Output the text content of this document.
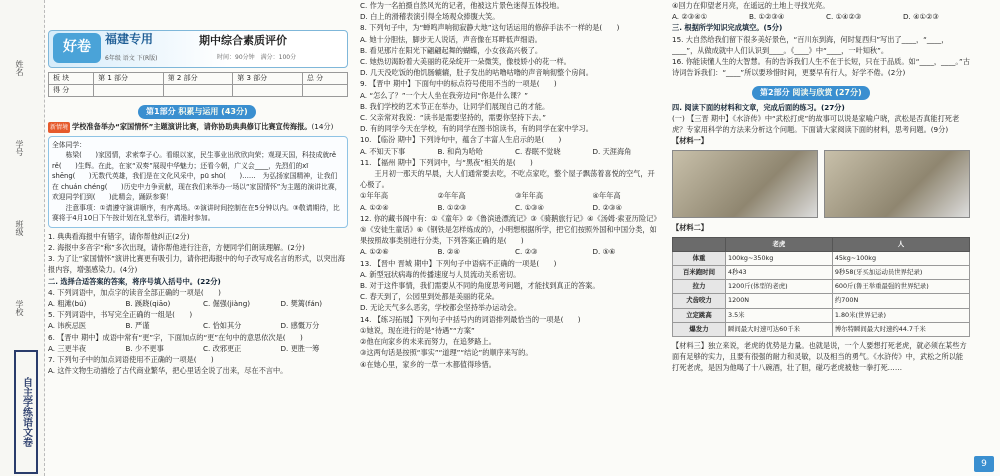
姓名
学号
班级
学校
自主学练语文卷
好卷
福建专用
6年级 语文 下(R版)
期中综合素质评价
时间：90分钟　满分：100分
板 块	第 1 部分	第 2 部分	第 3 部分	总 分
得 分				
第1部分 积累与运用 (43分)

新情境 学校准备举办“家国情怀”主题演讲比赛，请你协助典典修订比赛宣传海报。(14分)

全体同学：
　　栋梁(　　)家园情，求索奉子心。看眼以家，民生事业出欣欣向荣；观现天国，科技成就rě rě(　　)生辉。在此，在家“双奏”展现中华魅力；还看今朝，广义会____，先烈们的xī shēng(　　)无数代英雄，我们是在文化风采中，pū shū(　　)……　为弘扬家国精神，让我们在 chuán chéng(　　)历史中力争贡献，现在我们来举办一场以“家国情怀”为主题的演讲比赛，欢迎同学们到(　　)此精会，踊跃参赛！
　　注意事项：①请遵守演讲顺序，有序离场。②演讲时间控制在在5分钟以内。③敬请期待，比赛将于4月10日下午按计划在礼堂举行，请准时参加。

1. 典典看海报中有错字，请你帮他纠正(2分)

2. 海报中多音字“称”多次出现，请你帮他进行注音，方便同学们朗读理解。(2分)

3. 为了让“家国情怀”演讲比赛更有吸引力，请你把海报中的句子改写成名言的形式，以突出海报内容，增强感染力。(4分)

二. 选择合适答案的答案，将序号填入括号中。(22分)

4. 下列词语中，加点字的读音全部正确的一项是(　　)

A. 粗滩(bú)	B. 蹊跷(qiāo)	C. 倔强(jiàng)	D. 樊篱(fán)

5. 下列词语中，书写完全正确的一组是(　　)

A. 讳疾忌医	B. 严谨	C. 恰如其分	D. 感慨万分

6. 【晋中 期中】成语中常有“更”字，下面加点的“更”在句中的意思依次是(　　)

A. 三更半夜	B. 少不更事	C. 改邪更正	D. 更胜一筹

7. 下列句子中的加点词语使用不正确的一项是(　　)

A. 这件文物生动描绘了古代商业繁华，把心里话全说了出来，尽在不言中。

C. 作为一名拍摄自然风光的记者，他被这片景色迷得五体投地。

D. 白上的滑稽表演引得全场观众捧腹大笑。

8. 下列句子中，为“蝉鸣声响彻寂静大地”这句话运用的修辞手法不一样的是(　　)

A. 她十分胆怯，脚步无人说话，声音像在耳畔低声细语。

B. 看见那片在阳光下翩翩起舞的蝴蝶，小女孩高兴极了。

C. 她热切渴盼着大美丽的花朵绽开一朵微笑，像枝娇小的花一样。

D. 几天没吃饭的他饥肠辘辘，肚子发出的咕噜咕噜的声音响彻整个房间。

9. 【晋中 期中】下面句中的标点符号使用不当的一项是(　　)

A. “怎么了？”一个大人坐在我旁边问“你是什么课？”

B. 我们学校的艺术节正在举办，让同学们展现自己的才能。

C. 父亲常对我说：“读书是需要坚持的，需要你坚持下去。”

D. 有的同学今天在学校，有的同学在图书馆读书，有的同学在家中学习。

10. 【临汾 期中】下列诗句中，蕴含了丰富人生启示的是(　　)

A. 不知天下事	B. 和尚为哈哈	C. 春眠不觉晓	D. 天涯海角

11. 【福州 期中】下列词中，与“黑夜”相关的是(　　)

　　王月初一那天的早晨，大人们通常要去吃，不吃点家吃，整个屋子飘荡着喜悦的空气，开心极了。

①年年高	②年年高	③年年高	④年年高
A. ①②④	B. ①②③	C. ①③④	D. ②③④

12. 你的藏书阁中有：①《童年》②《鲁滨逊漂流记》③《骑鹅旅行记》④《汤姆·索亚历险记》⑤《安徒生童话》⑥《钢铁是怎样炼成的》，小明想根据所学，把它们按照外国和中国分类，如果按照故事类别进行分类，下列答案正确的是(　　)

A. ①②⑥	B. ②④	C. ②③	D. ⑤⑥

13. 【晋中 晋城 期中】下列句子中语病不正确的一项是(　　)

A. 新型冠状病毒的传播速度与人员流动关系密切。

B. 对于这件事情，我们需要从不同的角度思考问题，才能找到真正的答案。

C. 春天到了，公园里到处都是美丽的花朵。

D. 无论天气多么恶劣，学校都会坚持举办运动会。

14. 【练习拓展】下列句子中括号内的词语排列最恰当的一项是(　　)

①她说，现在进行的是“待遇”“方案”

②他在向家乡的未来而努力，在追梦路上。

③这两句话是按照“事实”“道理”“结论”的顺序来写的。

④在她心里，家乡的一草一木都值得珍惜。

④回力在仰望老月亮，在遥远的土地上寻找光亮。

A. ②③④①	B. ①②③④	C. ①④②③	D. ④①②③

三. 根据所学知识完成填空。(5分)

15. 大自然给我们留下很多美好景色，“百川东到海，何时复西归”写出了____，“____，____”，从做成就中人们认识到____。《____》中“____，一叶知秋”。

16. 你能读懂人生的大智慧。有的告诉我们人生不在于长短，只在于品质。如“____，____。”古诗词告诉我们：“____”所以要珍惜时间，更要早有行人，好学不倦。(2分)

第2部分 阅读与欣赏 (27分)

四. 阅读下面的材料和文章，完成后面的练习。(27分)

(一) 【三晋 期中】《水浒传》中“武松打虎”的故事可以说是家喻户晓，武松是否真能打死老虎？专家用科学的方法来分析这个问题。下面请大家阅读下面的材料，思考问题。(9分)

【材料一】
【材料二】
	老虎	人
体重	100kg~350kg	45kg~100kg
百米跑时间	4秒43	9秒58(牙买加运动员世界纪录)
拉力	1200斤(体型的老虎)	600斤(鲁王举重最强的世界纪录)
犬齿咬力	1200N	约700N
立定跳高	3.5米	1.80米(世界记录)
爆发力	瞬间最大时速可达60千米	博尔特瞬间最大时速约44.7千米

【材料三】独立来说，老虎的优势是力量。也就是说，一个人要想打死老虎，就必须在某些方面有足够的实力，且要有很强的耐力和灵敏，以及相当的勇气。《水浒传》中，武松之所以能打死老虎，是因为他喝了十八碗酒，壮了胆，碰巧老虎被他一拳打死……

9
